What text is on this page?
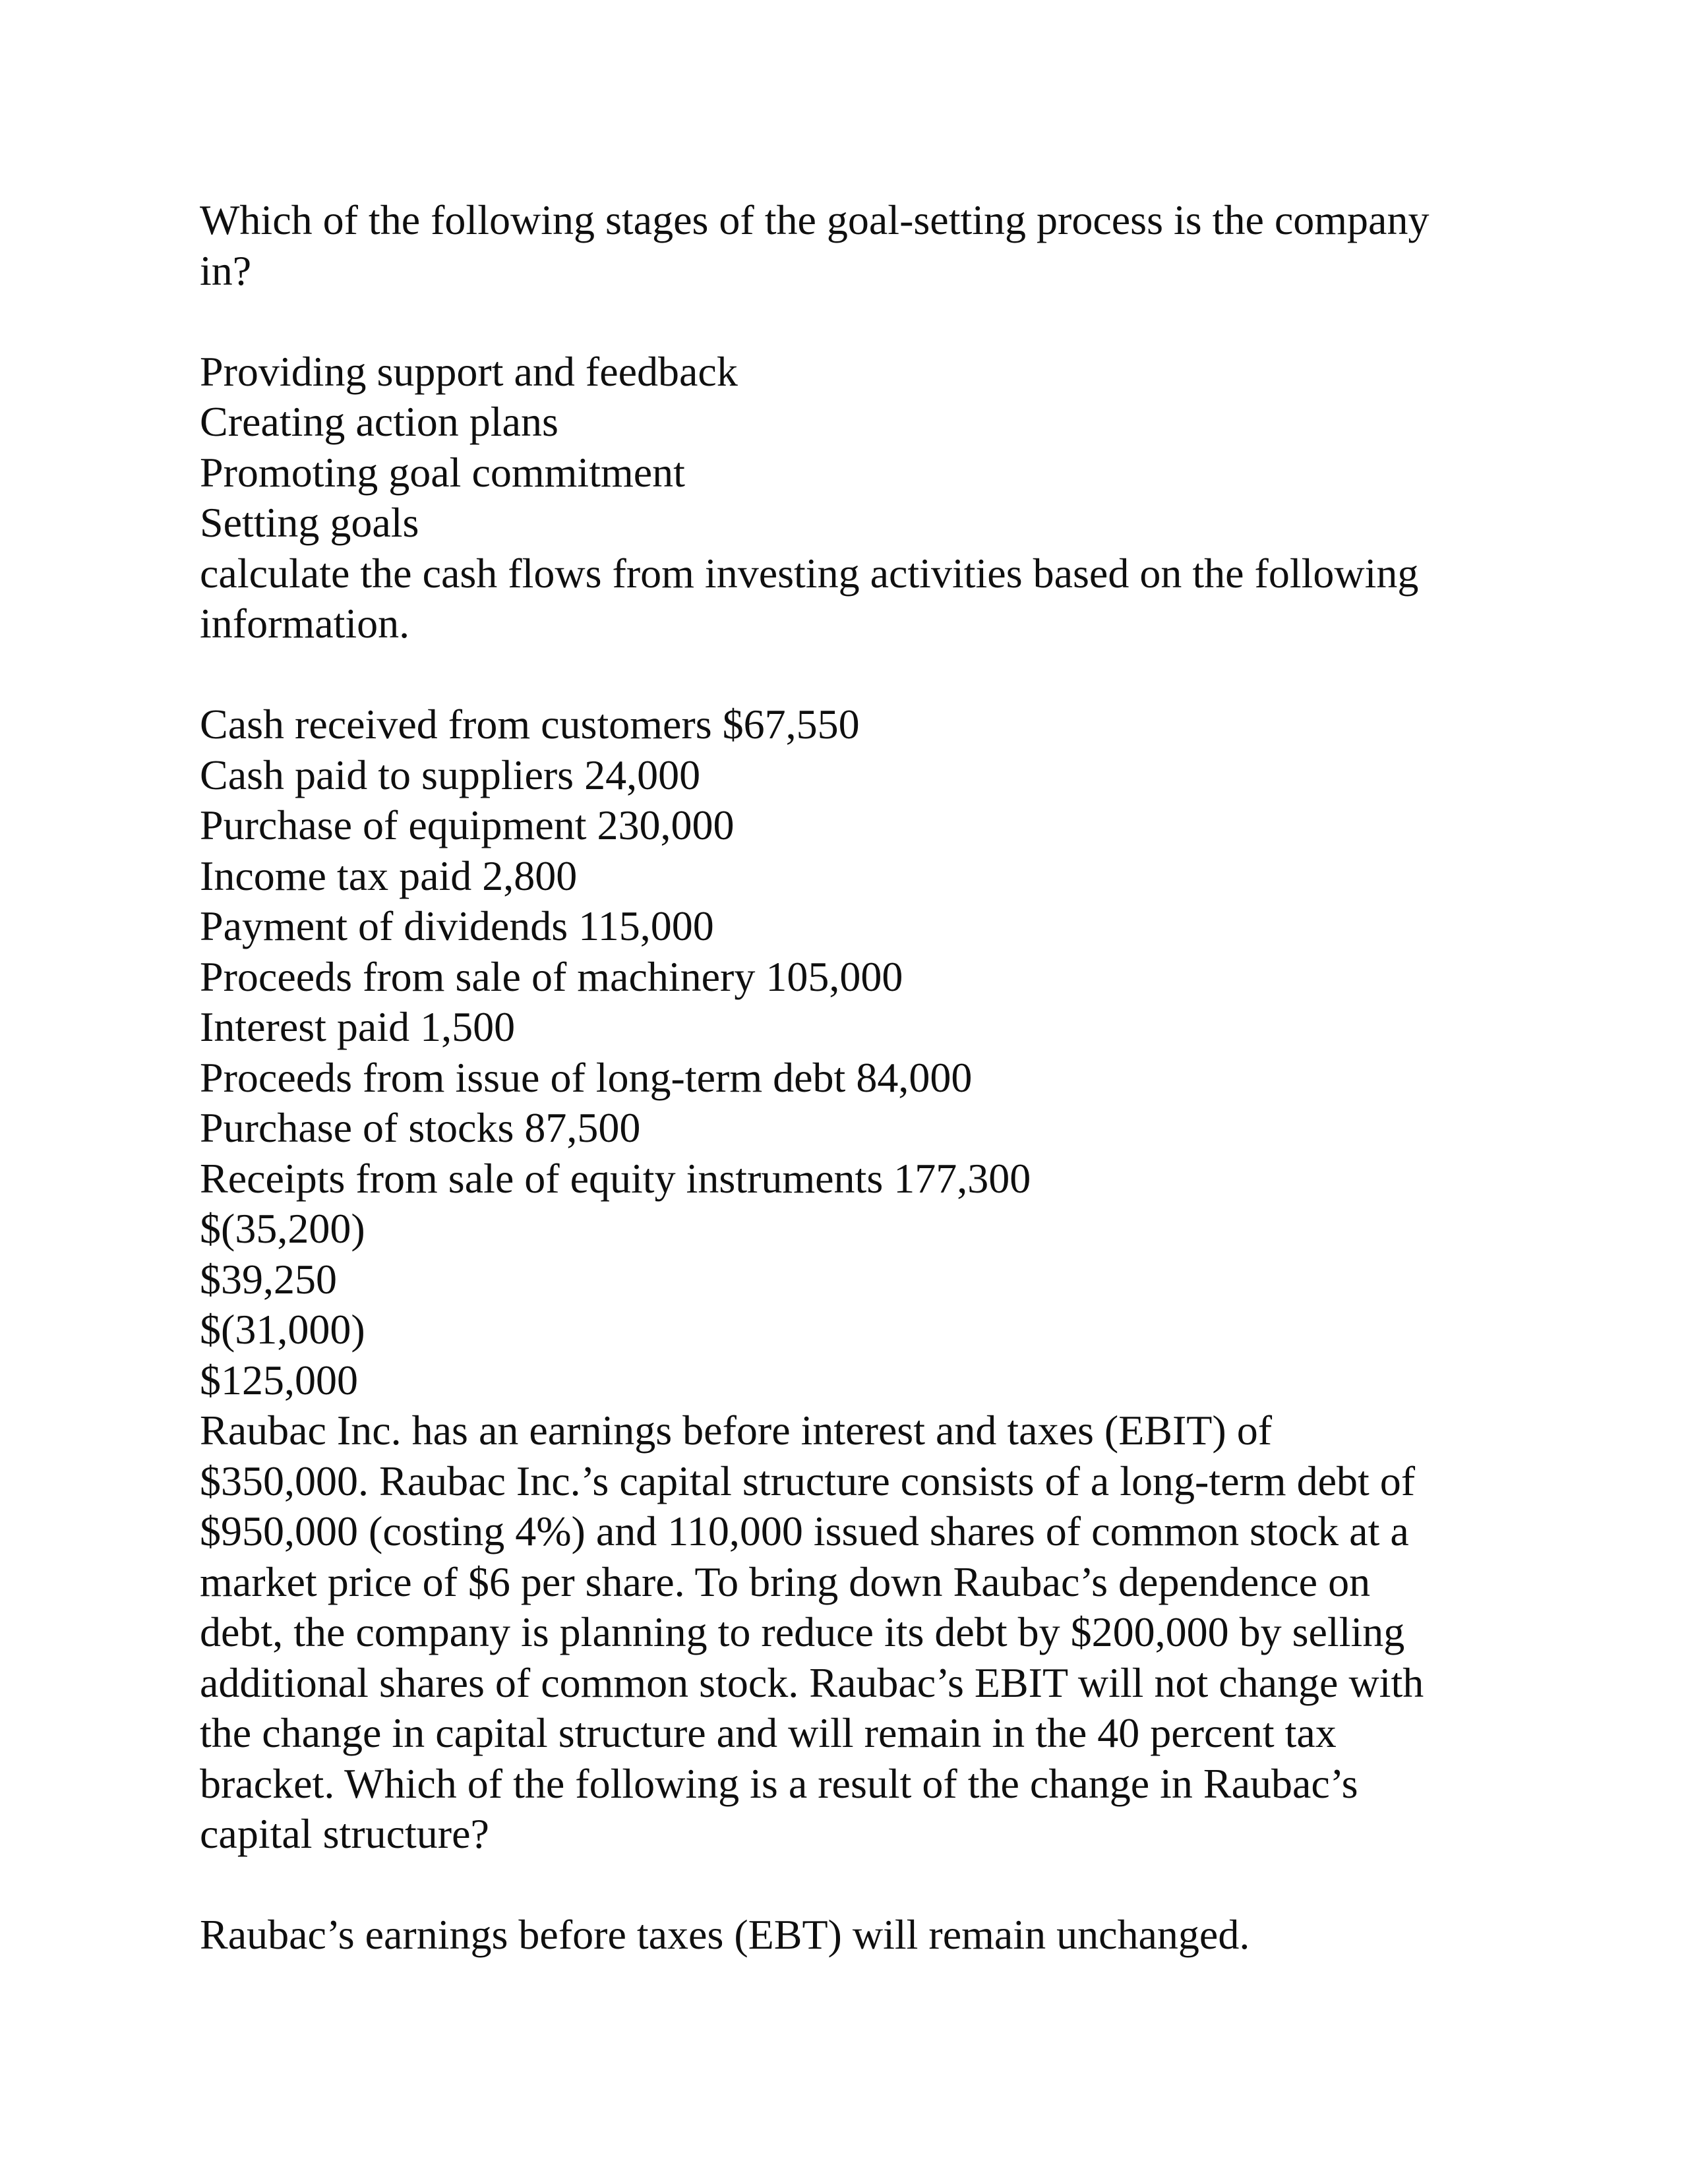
Which of the following stages of the goal-setting process is the company
in?
Providing support and feedback
Creating action plans
Promoting goal commitment
Setting goals
calculate the cash flows from investing activities based on the following
information.
Cash received from customers $67,550
Cash paid to suppliers 24,000
Purchase of equipment 230,000
Income tax paid 2,800
Payment of dividends 115,000
Proceeds from sale of machinery 105,000
Interest paid 1,500
Proceeds from issue of long-term debt 84,000
Purchase of stocks 87,500
Receipts from sale of equity instruments 177,300
$(35,200)
$39,250
$(31,000)
$125,000
Raubac Inc. has an earnings before interest and taxes (EBIT) of
$350,000. Raubac Inc.’s capital structure consists of a long-term debt of
$950,000 (costing 4%) and 110,000 issued shares of common stock at a
market price of $6 per share. To bring down Raubac’s dependence on
debt, the company is planning to reduce its debt by $200,000 by selling
additional shares of common stock. Raubac’s EBIT will not change with
the change in capital structure and will remain in the 40 percent tax
bracket. Which of the following is a result of the change in Raubac’s
capital structure?
Raubac’s earnings before taxes (EBT) will remain unchanged.
